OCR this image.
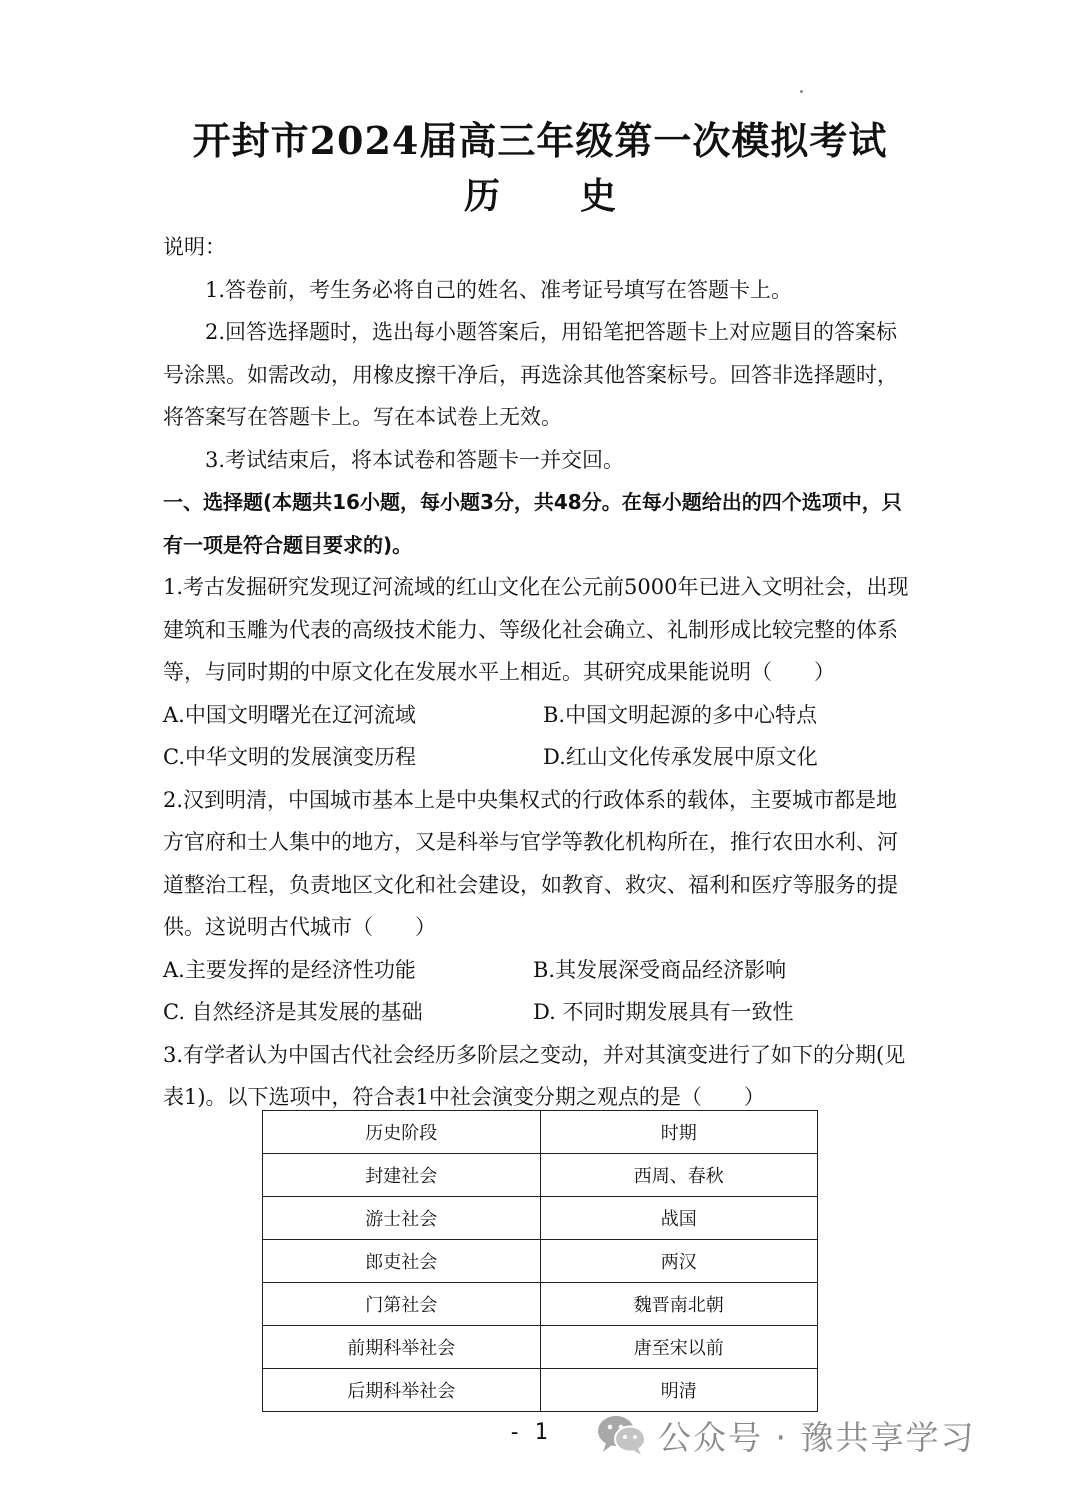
开封市2024届高三年级第一次模拟考试
历 史

说明：

1.答卷前，考生务必将自己的姓名、准考证号填写在答题卡上。

2.回答选择题时，选出每小题答案后，用铅笔把答题卡上对应题目的答案标号涂黑。如需改动，用橡皮擦干净后，再选涂其他答案标号。回答非选择题时，将答案写在答题卡上。写在本试卷上无效。

3.考试结束后，将本试卷和答题卡一并交回。

一、选择题(本题共16小题，每小题3分，共48分。在每小题给出的四个选项中，只有一项是符合题目要求的)。

1.考古发掘研究发现辽河流域的红山文化在公元前5000年已进入文明社会，出现建筑和玉雕为代表的高级技术能力、等级化社会确立、礼制形成比较完整的体系等，与同时期的中原文化在发展水平上相近。其研究成果能说明（　　）

A.中国文明曙光在辽河流域	B.中国文明起源的多中心特点
C.中华文明的发展演变历程	D.红山文化传承发展中原文化

2.汉到明清，中国城市基本上是中央集权式的行政体系的载体，主要城市都是地方官府和士人集中的地方，又是科举与官学等教化机构所在，推行农田水利、河道整治工程，负责地区文化和社会建设，如教育、救灾、福利和医疗等服务的提供。这说明古代城市（　　）

A.主要发挥的是经济性功能	B.其发展深受商品经济影响
C. 自然经济是其发展的基础	D. 不同时期发展具有一致性

3.有学者认为中国古代社会经历多阶层之变动，并对其演变进行了如下的分期(见表1)。以下选项中，符合表1中社会演变分期之观点的是（　　）

历史阶段	时期
封建社会	西周、春秋
游士社会	战国
郎吏社会	两汉
门第社会	魏晋南北朝
前期科举社会	唐至宋以前
后期科举社会	明清
- 1	公众号 · 豫共享学习
